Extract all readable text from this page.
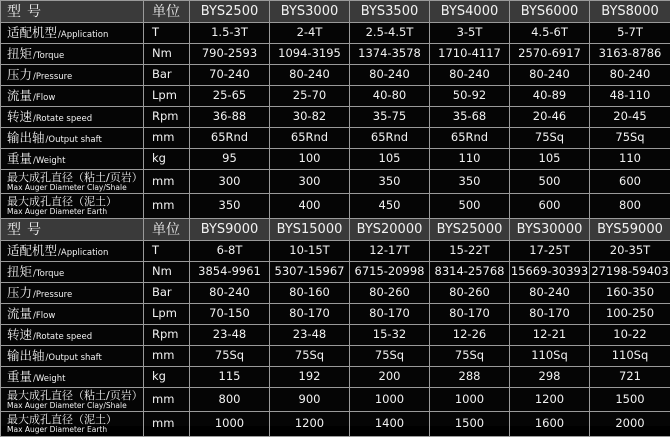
型号	单位	BYS2500	BYS3000	BYS3500	BYS4000	BYS6000	BYS8000
适配机型/Application	T	1.5-3T	2-4T	2.5-4.5T	3-5T	4.5-6T	5-7T
扭矩/Torque	Nm	790-2593	1094-3195	1374-3578	1710-4117	2570-6917	3163-8786
压力/Pressure	Bar	70-240	80-240	80-240	80-240	80-240	80-240
流量/Flow	Lpm	25-65	25-70	40-80	50-92	40-89	48-110
转速/Rotate speed	Rpm	36-88	30-82	35-75	35-68	20-46	20-45
输出轴/Output shaft	mm	65Rnd	65Rnd	65Rnd	65Rnd	75Sq	75Sq
重量/Weight	kg	95	100	105	110	105	110

最大成孔直径（粘土/页岩）
Max Auger Diameter Clay/Shale	mm	300	300	350	350	500	600

最大成孔直径（泥土）
Max Auger Diameter Earth	mm	350	400	450	500	600	800
型号	单位	BYS9000	BYS15000	BYS20000	BYS25000	BYS30000	BYS59000
适配机型/Application	T	6-8T	10-15T	12-17T	15-22T	17-25T	20-35T
扭矩/Torque	Nm	3854-9961	5307-15967	6715-20998	8314-25768	15669-30393	27198-59403
压力/Pressure	Bar	80-240	80-160	80-260	80-260	80-240	160-350
流量/Flow	Lpm	70-150	80-170	80-170	80-170	80-170	100-250
转速/Rotate speed	Rpm	23-48	23-48	15-32	12-26	12-21	10-22
输出轴/Output shaft	mm	75Sq	75Sq	75Sq	75Sq	110Sq	110Sq
重量/Weight	kg	115	192	200	288	298	721

最大成孔直径（粘土/页岩）
Max Auger Diameter Clay/Shale	mm	800	900	1000	1000	1200	1500

最大成孔直径（泥土）
Max Auger Diameter Earth	mm	1000	1200	1400	1500	1600	2000
